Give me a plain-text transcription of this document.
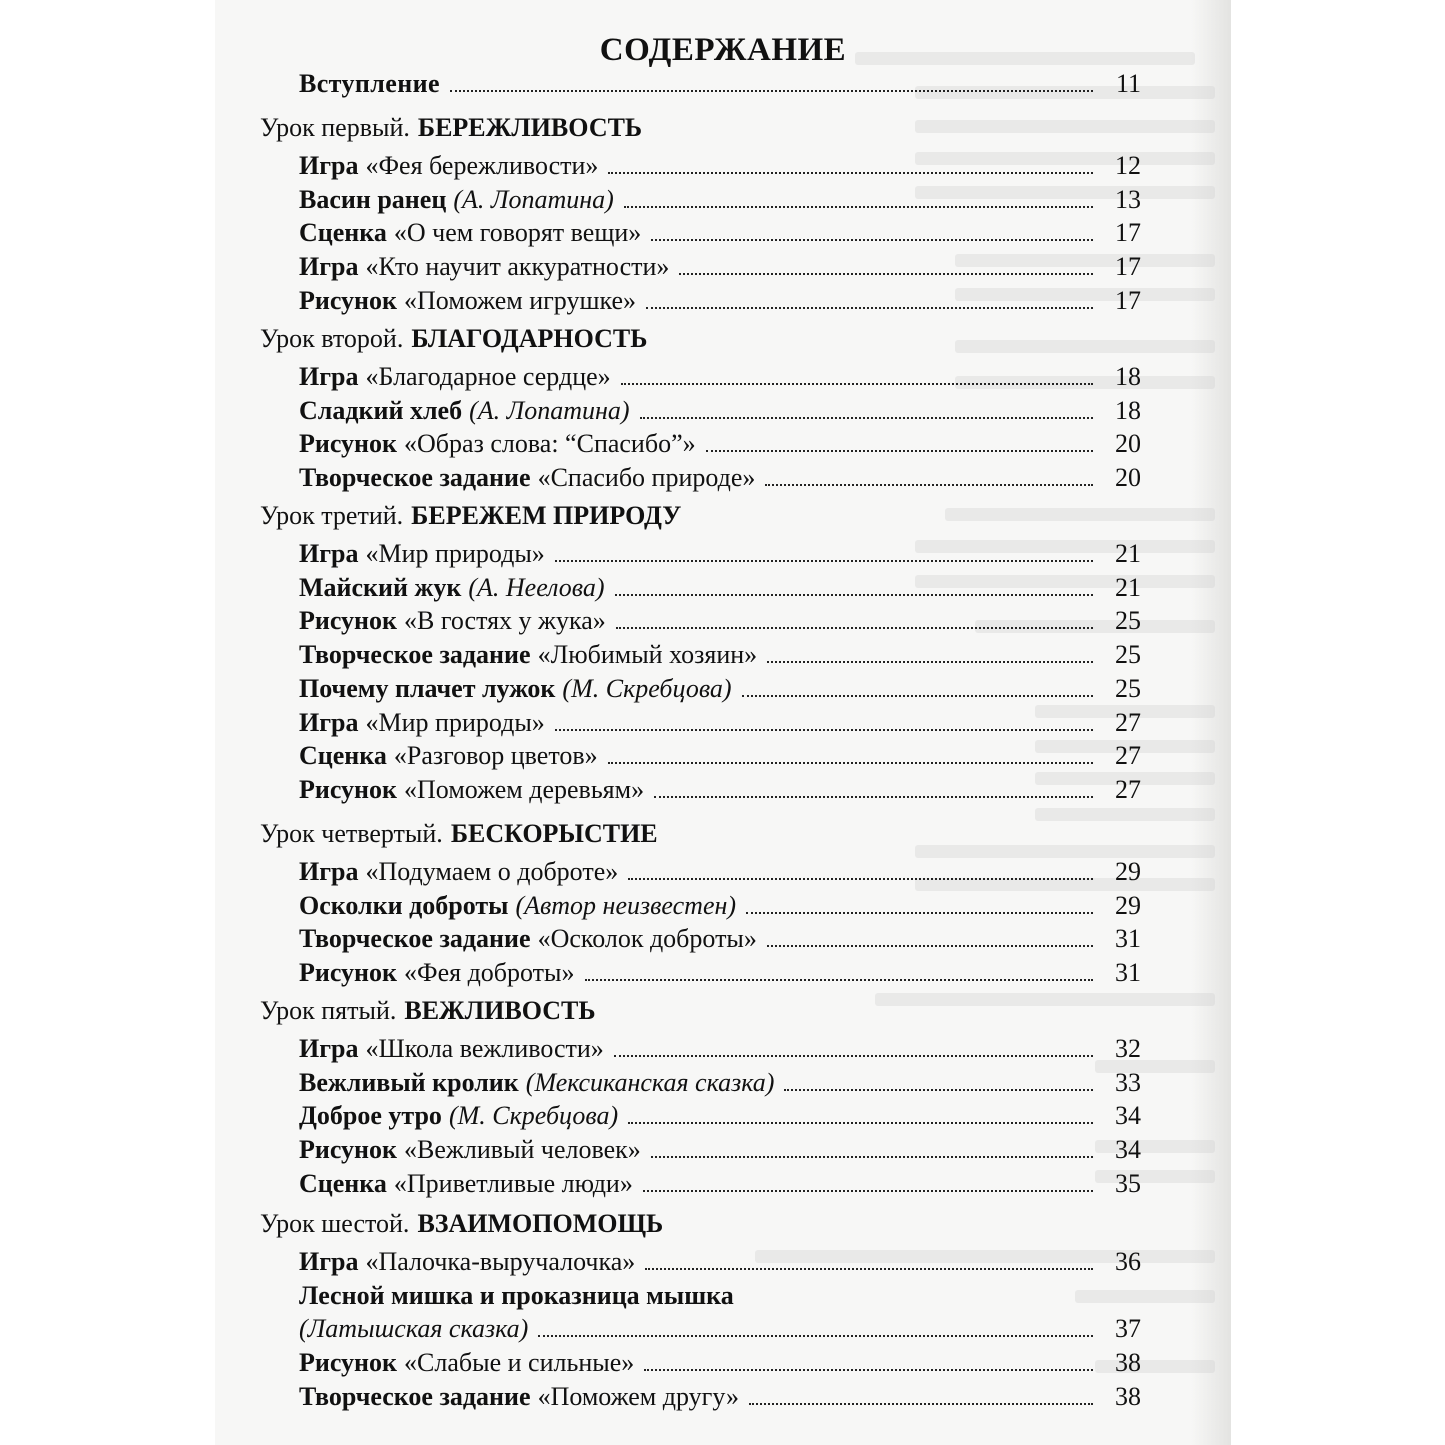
СОДЕРЖАНИЕ
Вступление	11
Урок первый. БЕРЕЖЛИВОСТЬ
Игра «Фея бережливости»	12
Васин ранец (А. Лопатина)	13
Сценка «О чем говорят вещи»	17
Игра «Кто научит аккуратности»	17
Рисунок «Поможем игрушке»	17
Урок второй. БЛАГОДАРНОСТЬ
Игра «Благодарное сердце»	18
Сладкий хлеб (А. Лопатина)	18
Рисунок «Образ слова: “Спасибо”»	20
Творческое задание «Спасибо природе»	20
Урок третий. БЕРЕЖЕМ ПРИРОДУ
Игра «Мир природы»	21
Майский жук (А. Неелова)	21
Рисунок «В гостях у жука»	25
Творческое задание «Любимый хозяин»	25
Почему плачет лужок (М. Скребцова)	25
Игра «Мир природы»	27
Сценка «Разговор цветов»	27
Рисунок «Поможем деревьям»	27
Урок четвертый. БЕСКОРЫСТИЕ
Игра «Подумаем о доброте»	29
Осколки доброты (Автор неизвестен)	29
Творческое задание «Осколок доброты»	31
Рисунок «Фея доброты»	31
Урок пятый. ВЕЖЛИВОСТЬ
Игра «Школа вежливости»	32
Вежливый кролик (Мексиканская сказка)	33
Доброе утро (М. Скребцова)	34
Рисунок «Вежливый человек»	34
Сценка «Приветливые люди»	35
Урок шестой. ВЗАИМОПОМОЩЬ
Игра «Палочка-выручалочка»	36
Лесной мишка и проказница мышка
(Латышская сказка)	37
Рисунок «Слабые и сильные»	38
Творческое задание «Поможем другу»	38
